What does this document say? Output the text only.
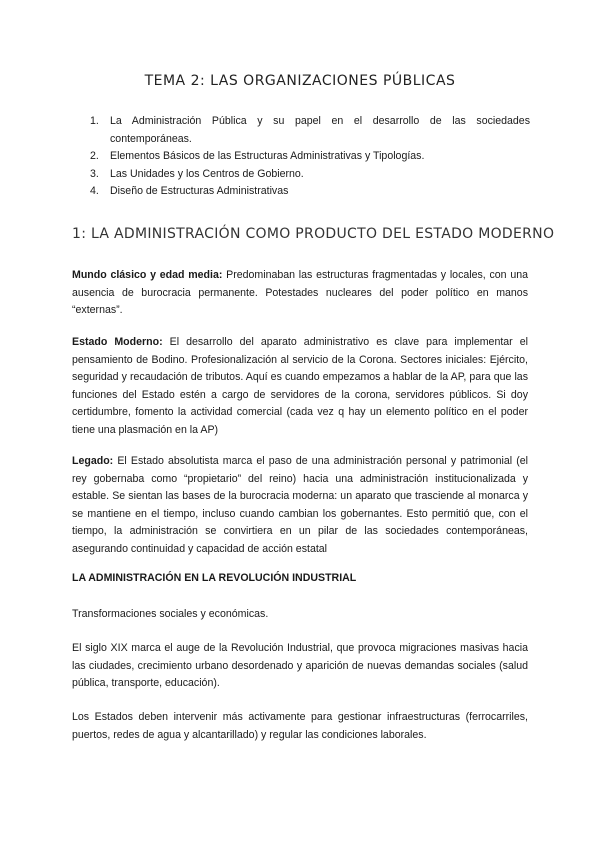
TEMA 2: LAS ORGANIZACIONES PÚBLICAS
1. La Administración Pública y su papel en el desarrollo de las sociedades contemporáneas.
2. Elementos Básicos de las Estructuras Administrativas y Tipologías.
3. Las Unidades y los Centros de Gobierno.
4. Diseño de Estructuras Administrativas
1: LA ADMINISTRACIÓN COMO PRODUCTO DEL ESTADO MODERNO

Mundo clásico y edad media: Predominaban las estructuras fragmentadas y locales, con una ausencia de burocracia permanente. Potestades nucleares del poder político en manos “externas”.

Estado Moderno: El desarrollo del aparato administrativo es clave para implementar el pensamiento de Bodino. Profesionalización al servicio de la Corona. Sectores iniciales: Ejército, seguridad y recaudación de tributos. Aquí es cuando empezamos a hablar de la AP, para que las funciones del Estado estén a cargo de servidores de la corona, servidores públicos. Si doy certidumbre, fomento la actividad comercial (cada vez q hay un elemento político en el poder tiene una plasmación en la AP)

Legado: El Estado absolutista marca el paso de una administración personal y patrimonial (el rey gobernaba como “propietario” del reino) hacia una administración institucionalizada y estable. Se sientan las bases de la burocracia moderna: un aparato que trasciende al monarca y se mantiene en el tiempo, incluso cuando cambian los gobernantes. Esto permitió que, con el tiempo, la administración se convirtiera en un pilar de las sociedades contemporáneas, asegurando continuidad y capacidad de acción estatal

LA ADMINISTRACIÓN EN LA REVOLUCIÓN INDUSTRIAL

Transformaciones sociales y económicas.

El siglo XIX marca el auge de la Revolución Industrial, que provoca migraciones masivas hacia las ciudades, crecimiento urbano desordenado y aparición de nuevas demandas sociales (salud pública, transporte, educación).

Los Estados deben intervenir más activamente para gestionar infraestructuras (ferrocarriles, puertos, redes de agua y alcantarillado) y regular las condiciones laborales.
